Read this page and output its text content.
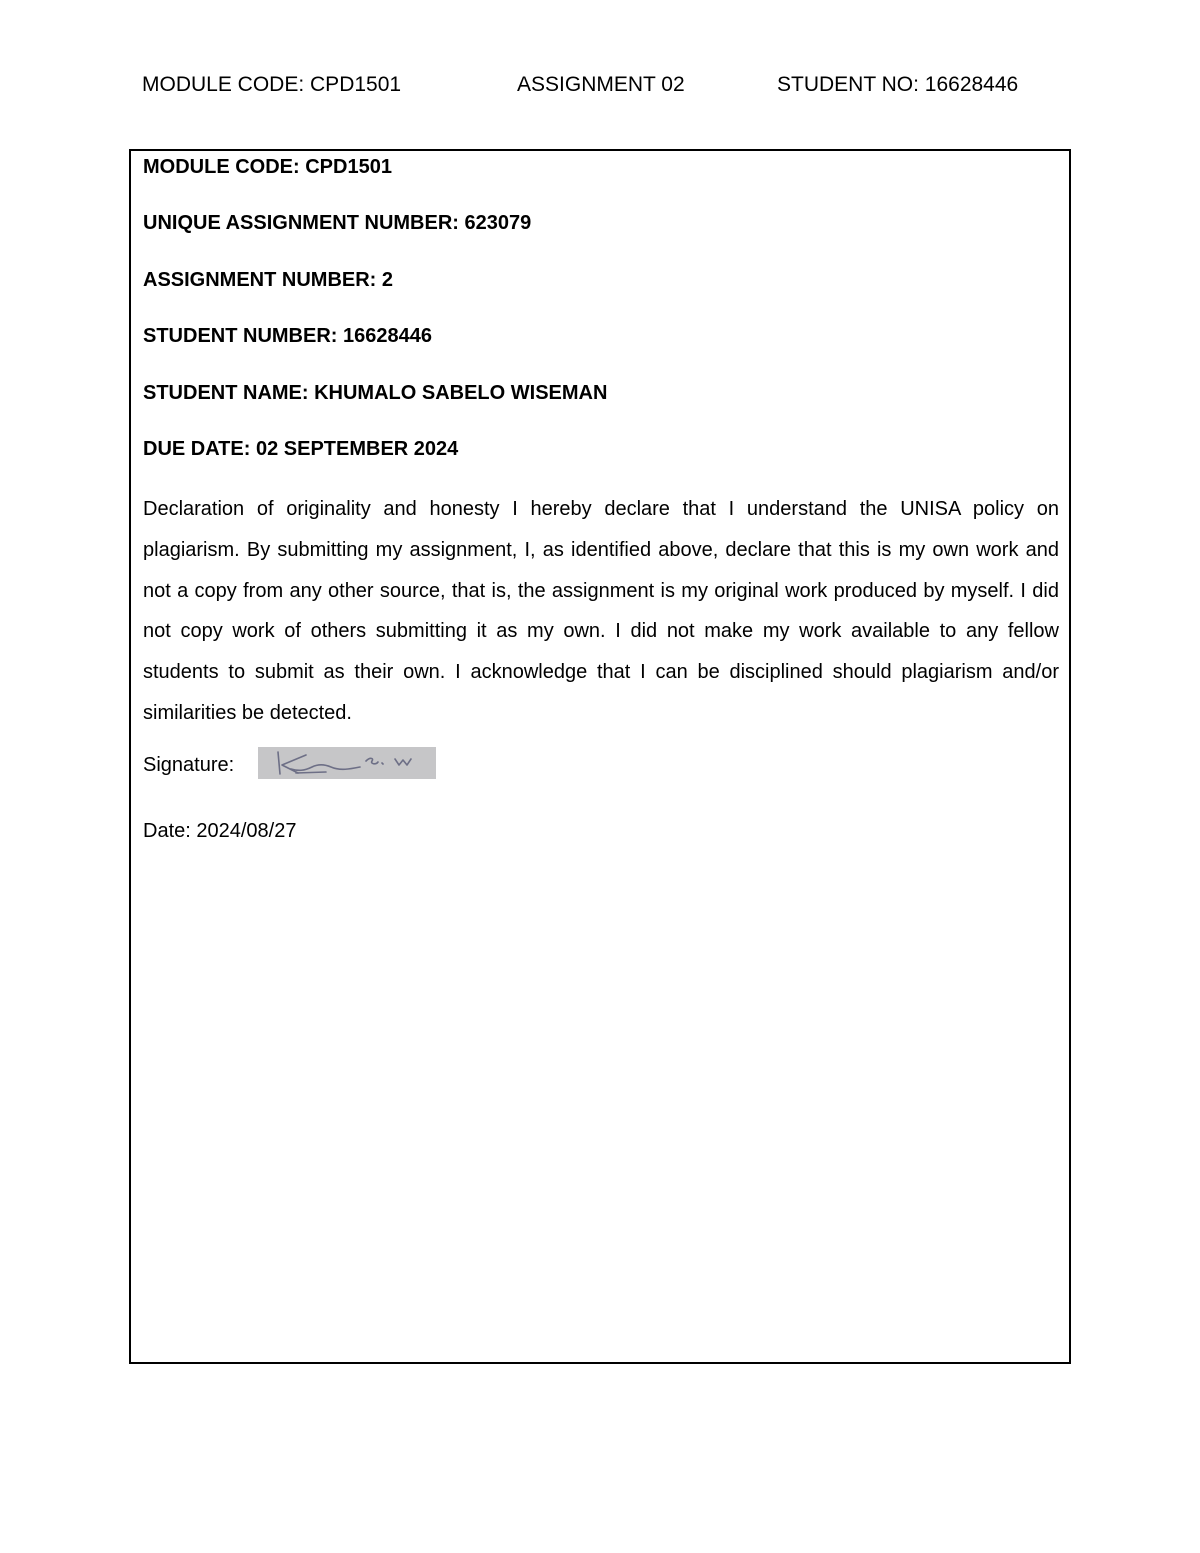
MODULE CODE: CPD1501	ASSIGNMENT 02	STUDENT NO: 16628446
MODULE CODE: CPD1501
UNIQUE ASSIGNMENT NUMBER: 623079
ASSIGNMENT NUMBER: 2
STUDENT NUMBER: 16628446
STUDENT NAME: KHUMALO SABELO WISEMAN
DUE DATE: 02 SEPTEMBER 2024

Declaration of originality and honesty I hereby declare that I understand the UNISA policy on plagiarism. By submitting my assignment, I, as identified above, declare that this is my own work and not a copy from any other source, that is, the assignment is my original work produced by myself. I did not copy work of others submitting it as my own. I did not make my work available to any fellow students to submit as their own. I acknowledge that I can be disciplined should plagiarism and/or similarities be detected.

Signature:
Date: 2024/08/27
